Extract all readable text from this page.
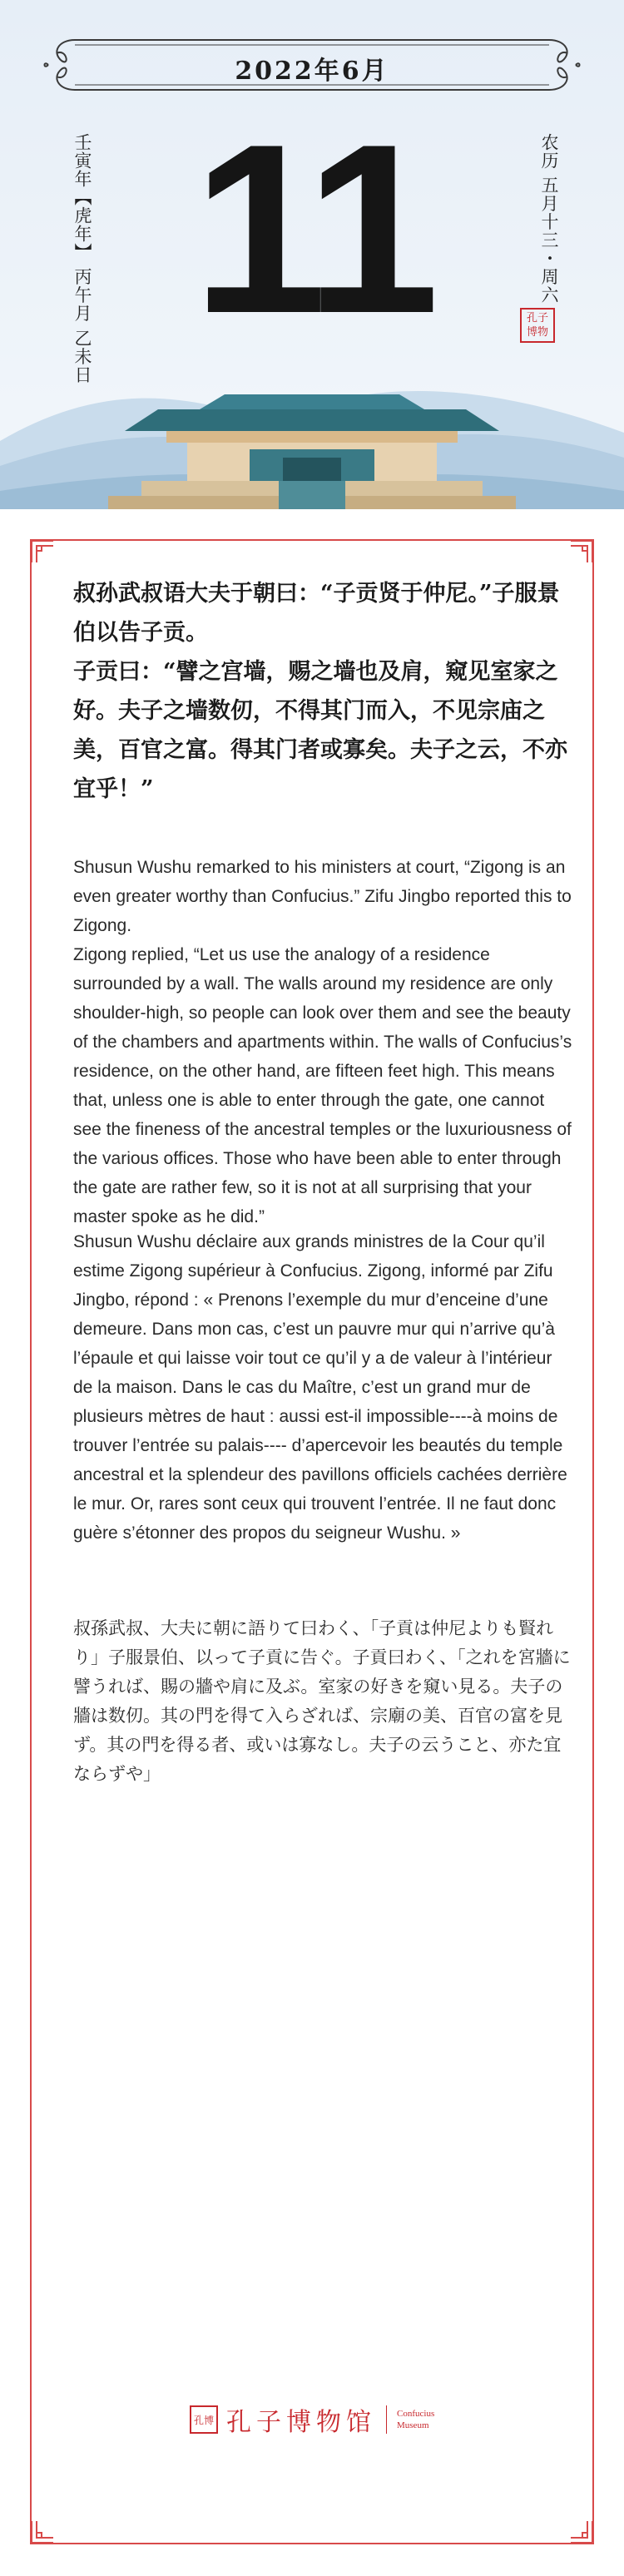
2022年6月
壬寅年【虎年】 丙午月 乙未日 11	农历 五月十三・周六
孔子博物

叔孙武叔语大夫于朝曰：“子贡贤于仲尼。”子服景伯以告子贡。

子贡曰：“譬之宫墙，赐之墙也及肩，窥见室家之好。夫子之墙数仞，不得其门而入，不见宗庙之美，百官之富。得其门者或寡矣。夫子之云，不亦宜乎！”

Shusun Wushu remarked to his ministers at court, “Zigong is an even greater worthy than Confucius.” Zifu Jingbo reported this to Zigong.

Zigong replied, “Let us use the analogy of a residence surrounded by a wall. The walls around my residence are only shoulder-high, so people can look over them and see the beauty of the chambers and apartments within. The walls of Confucius’s residence, on the other hand, are fifteen feet high. This means that, unless one is able to enter through the gate, one cannot see the fineness of the ancestral temples or the luxuriousness of the various offices. Those who have been able to enter through the gate are rather few, so it is not at all surprising that your master spoke as he did.”

Shusun Wushu déclaire aux grands ministres de la Cour qu’il estime Zigong supérieur à Confucius. Zigong, informé par Zifu Jingbo, répond : « Prenons l’exemple du mur d’enceine d’une demeure. Dans mon cas, c’est un pauvre mur qui n’arrive qu’à l’épaule et qui laisse voir tout ce qu’il y a de valeur à l’intérieur de la maison. Dans le cas du Maître, c’est un grand mur de plusieurs mètres de haut : aussi est-il impossible----à moins de trouver l’entrée su palais---- d’apercevoir les beautés du temple ancestral et la splendeur des pavillons officiels cachées derrière le mur. Or, rares sont ceux qui trouvent l’entrée. Il ne faut donc guère s’étonner des propos du seigneur Wushu. »

叔孫武叔、大夫に朝に語りて曰わく、「子貢は仲尼よりも賢れり」子服景伯、以って子貢に告ぐ。子貢曰わく、「之れを宮牆に譬うれば、賜の牆や肩に及ぶ。室家の好きを窺い見る。夫子の牆は数仞。其の門を得て入らざれば、宗廟の美、百官の富を見ず。其の門を得る者、或いは寡なし。夫子の云うこと、亦た宜ならずや」

孔博 孔子博物馆 Confucius Museum
